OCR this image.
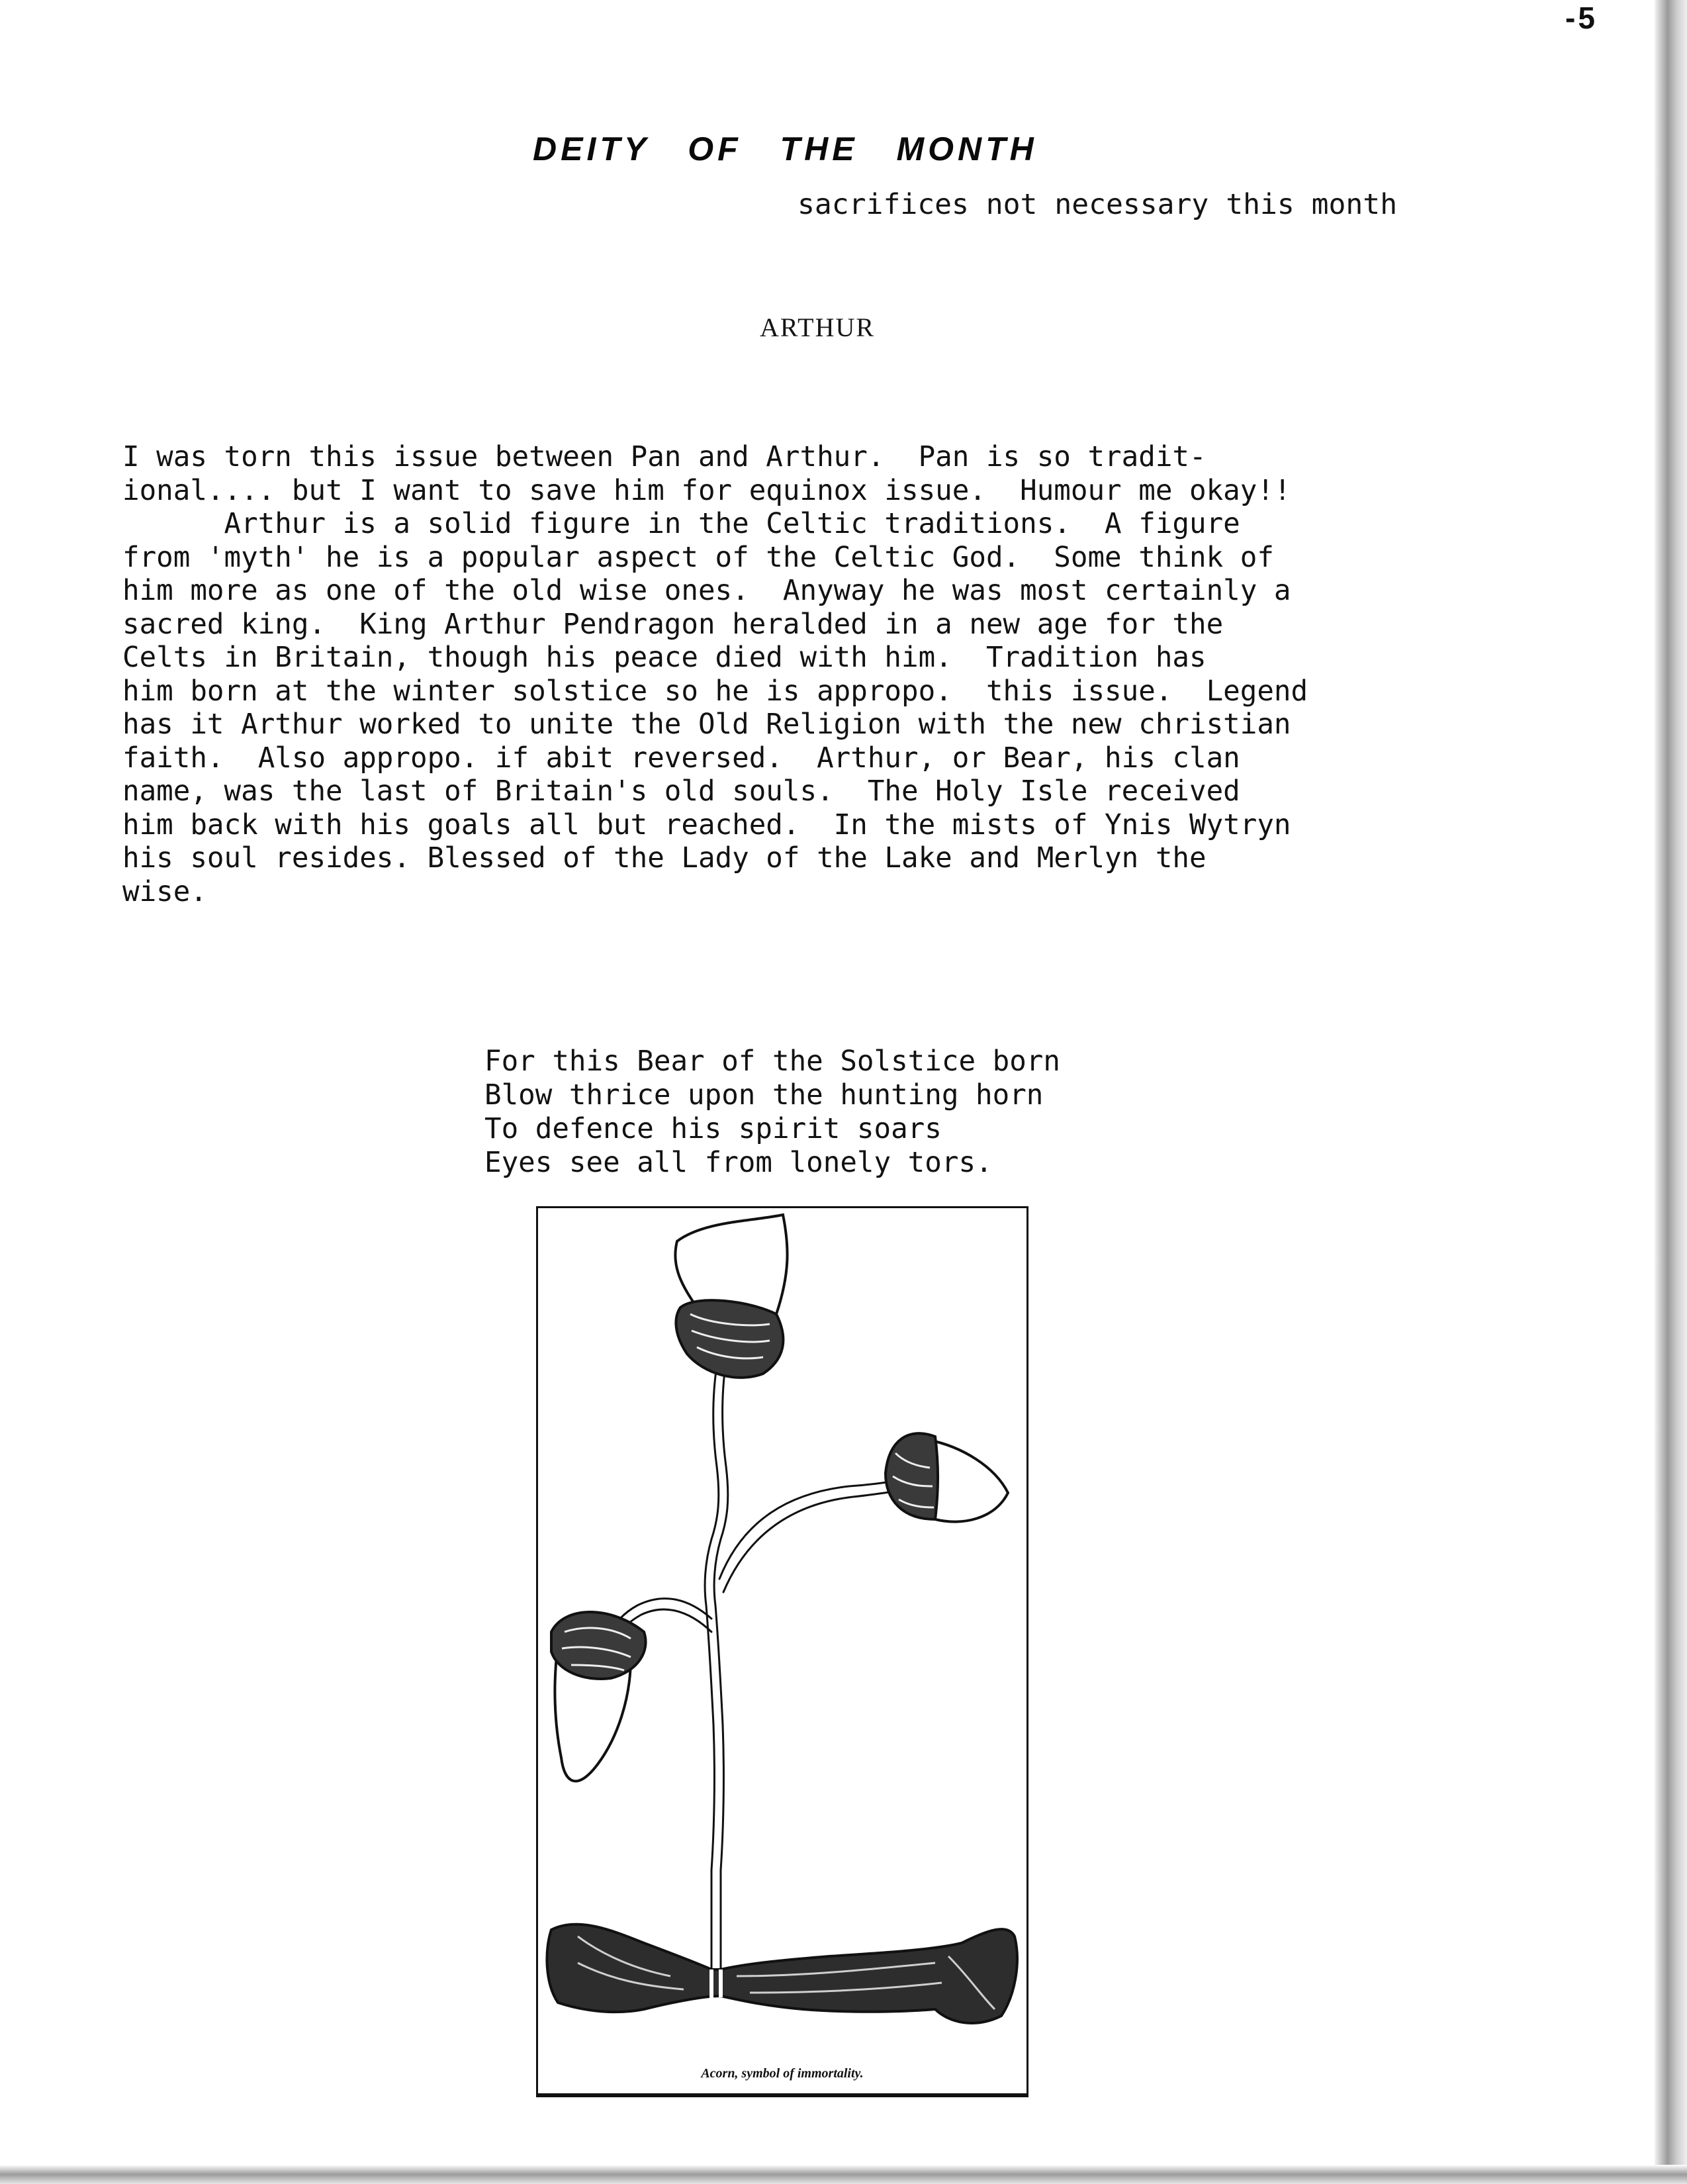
-5
DEITY OF THE MONTH
sacrifices not necessary this month
ARTHUR
I was torn this issue between Pan and Arthur.  Pan is so tradit-
ional.... but I want to save him for equinox issue.  Humour me okay!!
Arthur is a solid figure in the Celtic traditions.  A figure
from 'myth' he is a popular aspect of the Celtic God.  Some think of
him more as one of the old wise ones.  Anyway he was most certainly a
sacred king.  King Arthur Pendragon heralded in a new age for the
Celts in Britain, though his peace died with him.  Tradition has
him born at the winter solstice so he is appropo.  this issue.  Legend
has it Arthur worked to unite the Old Religion with the new christian
faith.  Also appropo. if abit reversed.  Arthur, or Bear, his clan
name, was the last of Britain's old souls.  The Holy Isle received
him back with his goals all but reached.  In the mists of Ynis Wytryn
his soul resides. Blessed of the Lady of the Lake and Merlyn the
wise.
For this Bear of the Solstice born
Blow thrice upon the hunting horn
To defence his spirit soars
Eyes see all from lonely tors.
Acorn, symbol of immortality.
